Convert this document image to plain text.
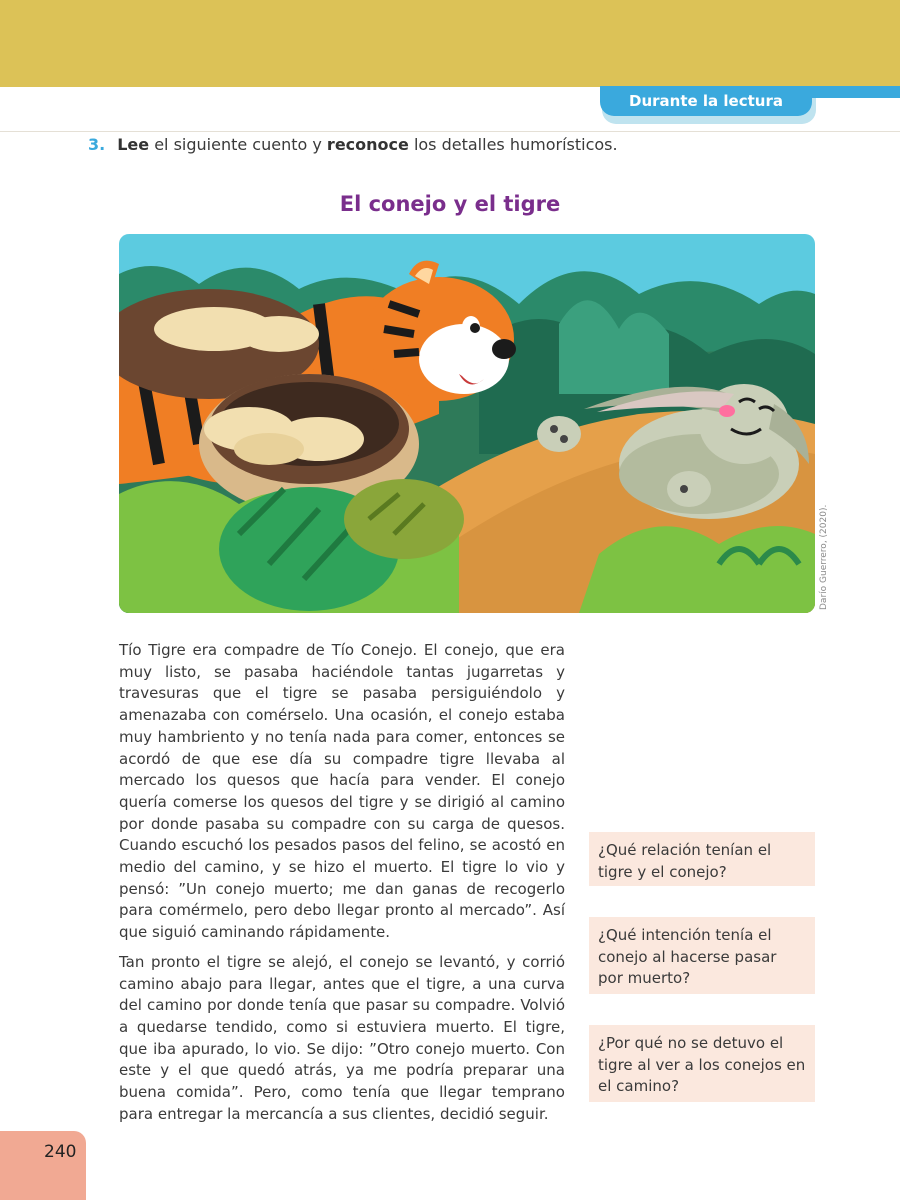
Durante la lectura
3. Lee el siguiente cuento y reconoce los detalles humorísticos.
El conejo y el tigre
Darío Guerrero, (2020).

Tío Tigre era compadre de Tío Conejo. El conejo, que era muy listo, se pasaba haciéndole tantas jugarretas y travesuras que el tigre se pasaba persiguiéndolo y amenazaba con comérselo. Una ocasión, el conejo estaba muy hambriento y no tenía nada para comer, entonces se acordó de que ese día su compadre tigre llevaba al mercado los quesos que hacía para vender. El conejo quería comerse los quesos del tigre y se dirigió al camino por donde pasaba su compadre con su carga de quesos. Cuando escuchó los pesados pasos del felino, se acostó en medio del camino, y se hizo el muerto. El tigre lo vio y pensó: ”Un conejo muerto; me dan ganas de recogerlo para comérmelo, pero debo llegar pronto al mercado”. Así que siguió caminando rápidamente.

Tan pronto el tigre se alejó, el conejo se levantó, y corrió camino abajo para llegar, antes que el tigre, a una curva del camino por donde tenía que pasar su compadre. Volvió a quedarse tendido, como si estuviera muerto. El tigre, que iba apurado, lo vio. Se dijo: ”Otro conejo muerto. Con este y el que quedó atrás, ya me podría preparar una buena comida”. Pero, como tenía que llegar temprano para entregar la mercancía a sus clientes, decidió seguir.

¿Qué relación tenían el tigre y el conejo?
¿Qué intención tenía el conejo al hacerse pasar por muerto?
¿Por qué no se detuvo el tigre al ver a los conejos en el camino?
240
